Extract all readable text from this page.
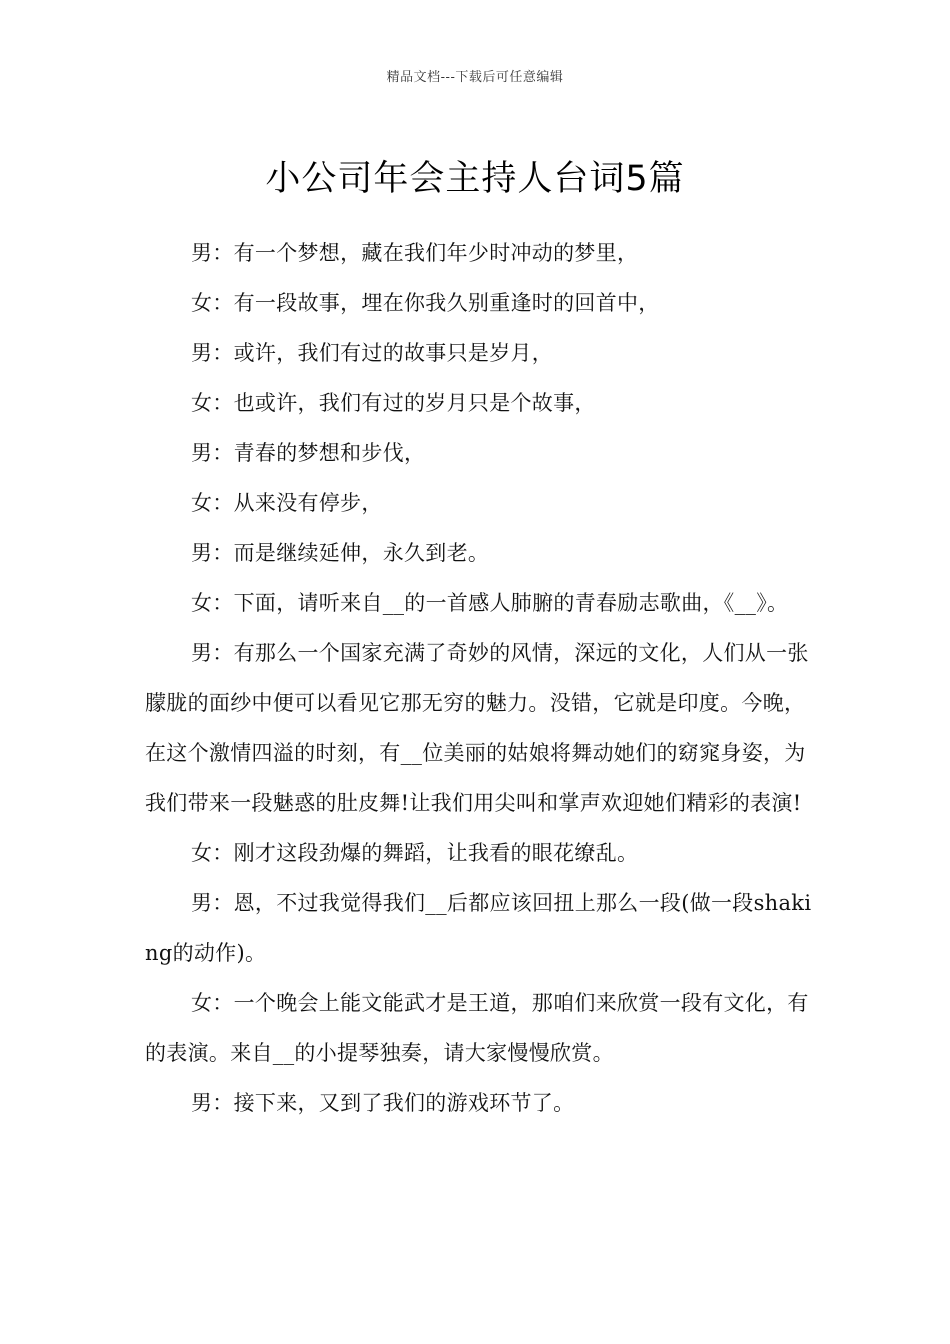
精品文档---下载后可任意编辑
小公司年会主持人台词5篇

男：有一个梦想，藏在我们年少时冲动的梦里，

女：有一段故事，埋在你我久别重逢时的回首中，

男：或许，我们有过的故事只是岁月，

女：也或许，我们有过的岁月只是个故事，

男：青春的梦想和步伐，

女：从来没有停步，

男：而是继续延伸，永久到老。

女：下面，请听来自__的一首感人肺腑的青春励志歌曲，《__》。

男：有那么一个国家充满了奇妙的风情，深远的文化，人们从一张朦胧的面纱中便可以看见它那无穷的魅力。没错，它就是印度。今晚，在这个激情四溢的时刻，有__位美丽的姑娘将舞动她们的窈窕身姿，为我们带来一段魅惑的肚皮舞!让我们用尖叫和掌声欢迎她们精彩的表演!

女：刚才这段劲爆的舞蹈，让我看的眼花缭乱。

男：恩，不过我觉得我们__后都应该回扭上那么一段(做一段shaking的动作)。

女：一个晚会上能文能武才是王道，那咱们来欣赏一段有文化，有的表演。来自__的小提琴独奏，请大家慢慢欣赏。

男：接下来，又到了我们的游戏环节了。
